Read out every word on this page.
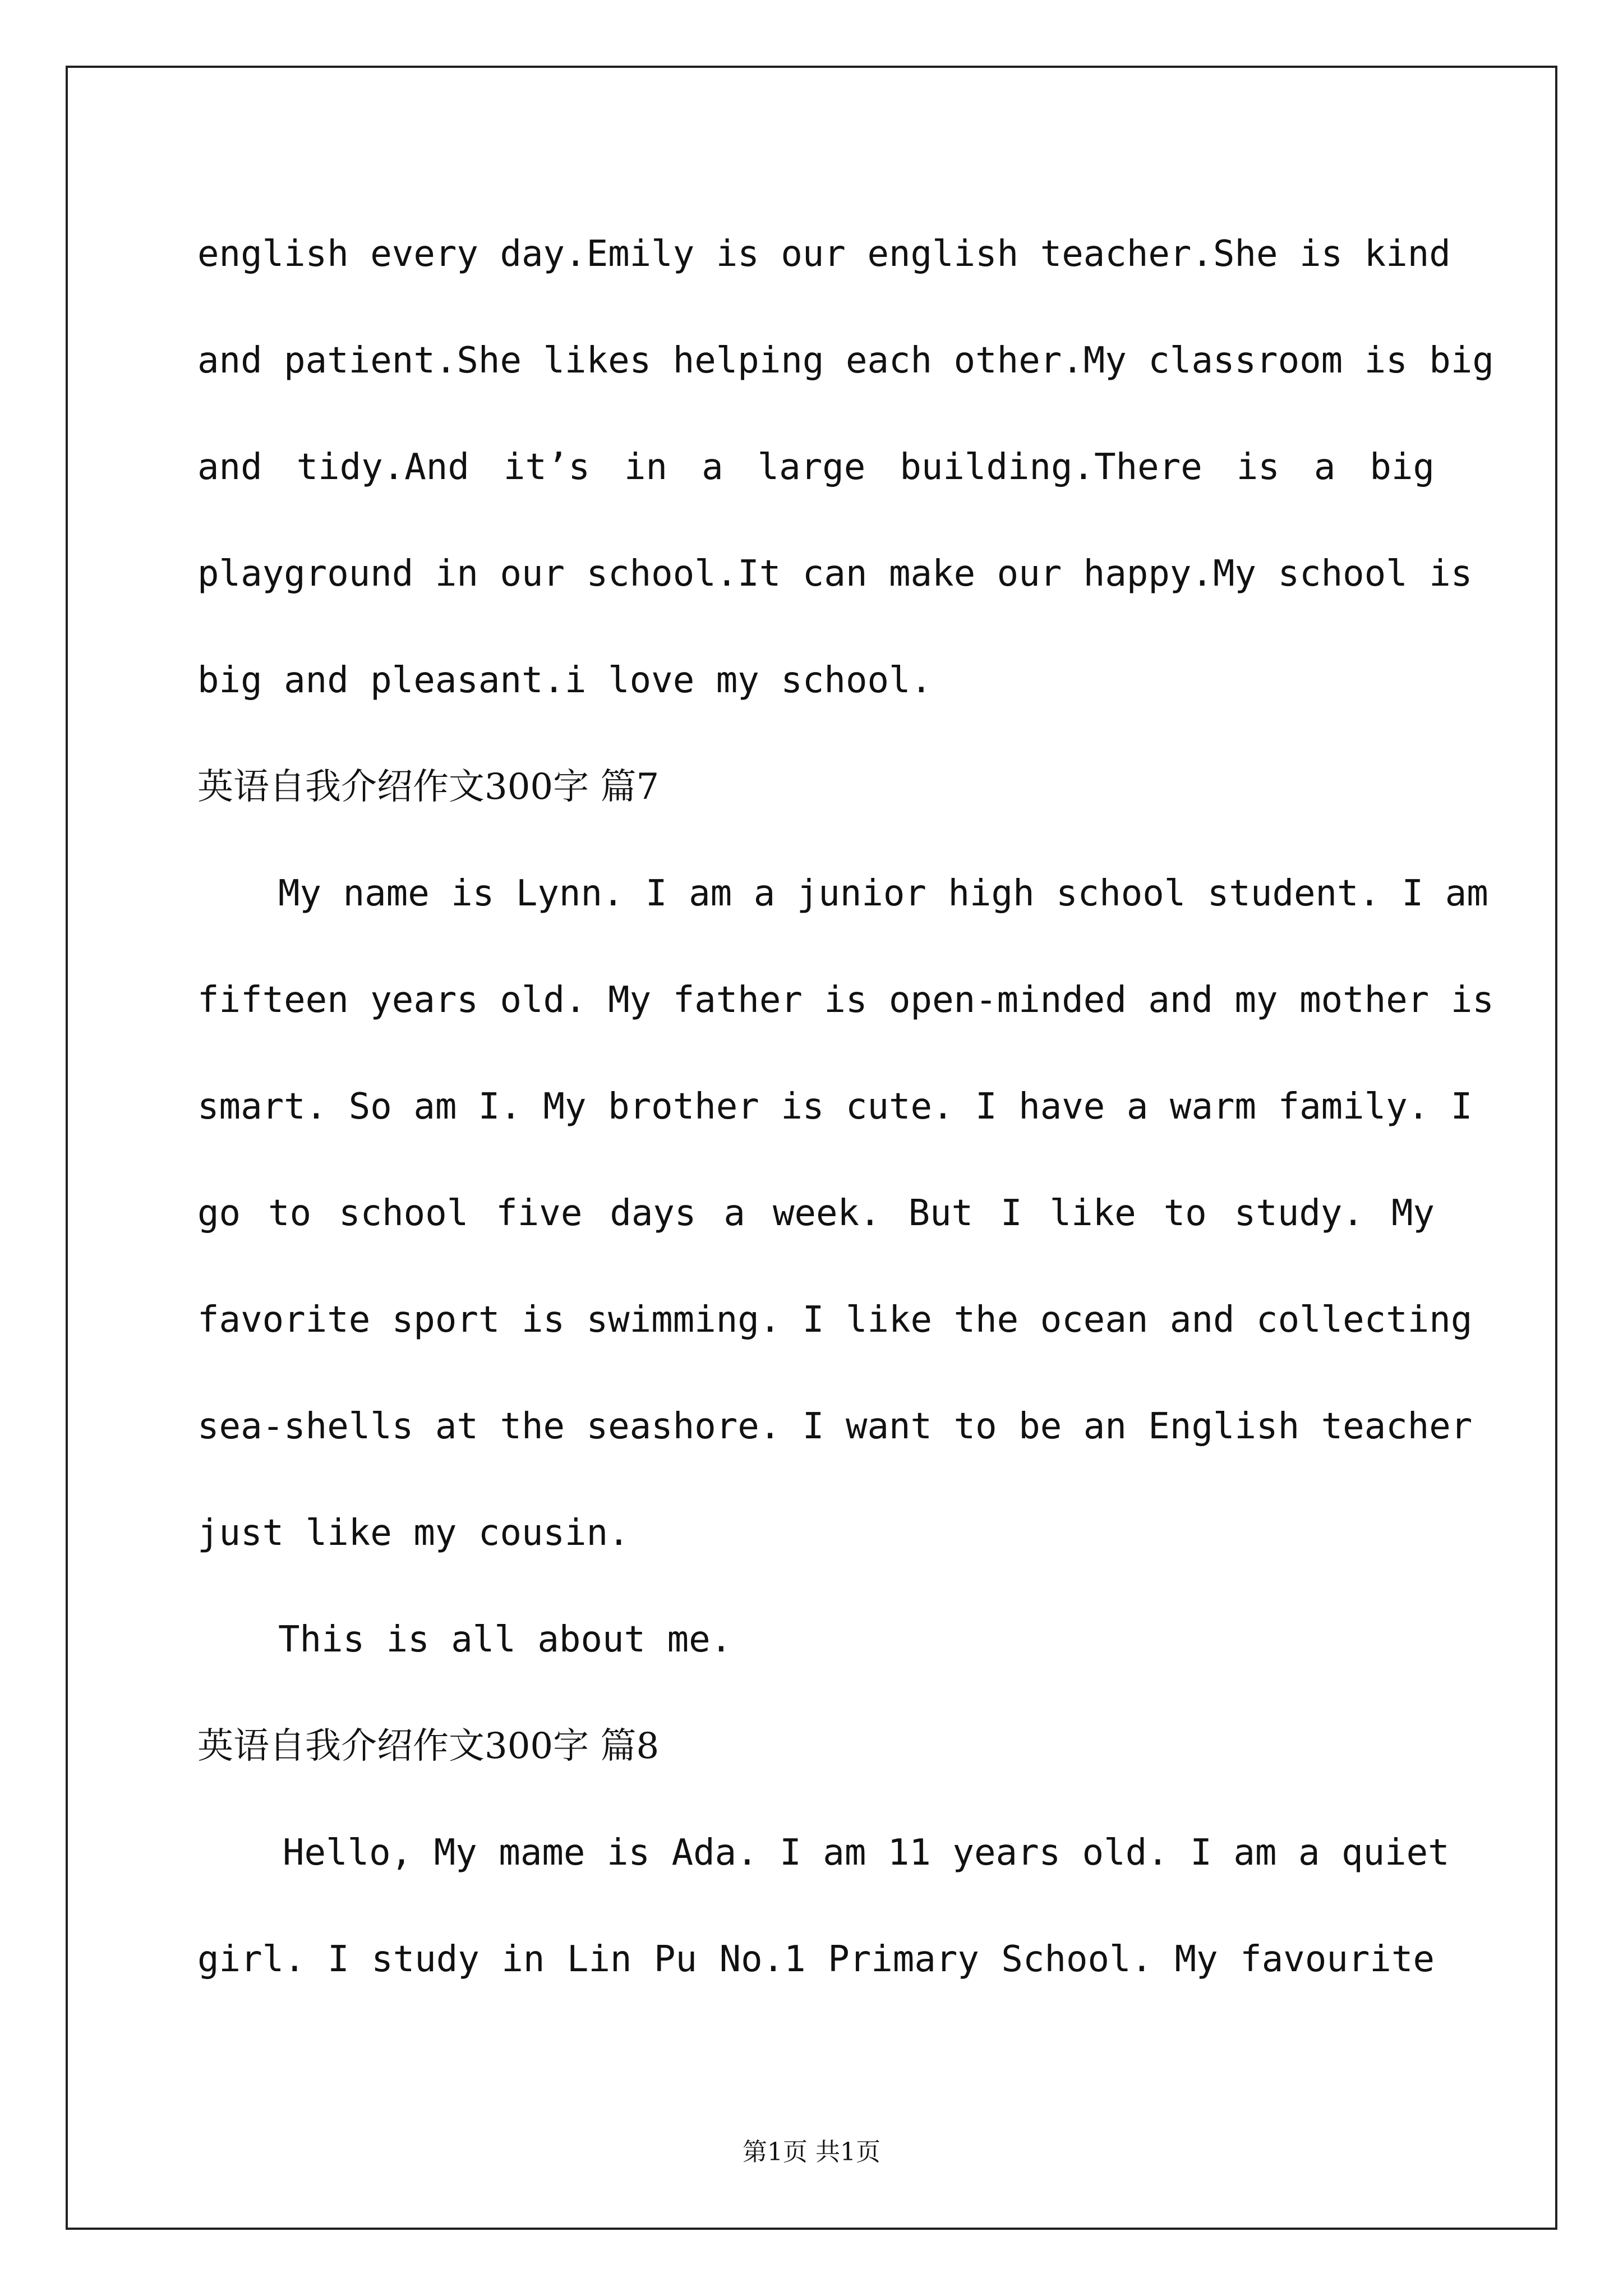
english every day.Emily is our english teacher.She is kind
and patient.She likes helping each other.My classroom is big
and tidy.And it’s in a large building.There is a big
playground in our school.It can make our happy.My school is
big and pleasant.i love my school.
英语自我介绍作文300字 篇7
My name is Lynn. I am a junior high school student. I am
fifteen years old. My father is open-minded and my mother is
smart. So am I. My brother is cute. I have a warm family. I
go to school five days a week. But I like to study. My
favorite sport is swimming. I like the ocean and collecting
sea-shells at the seashore. I want to be an English teacher
just like my cousin.
This is all about me.
英语自我介绍作文300字 篇8
Hello, My mame is Ada. I am 11 years old. I am a quiet
girl. I study in Lin Pu No.1 Primary School. My favourite
第1页 共1页
